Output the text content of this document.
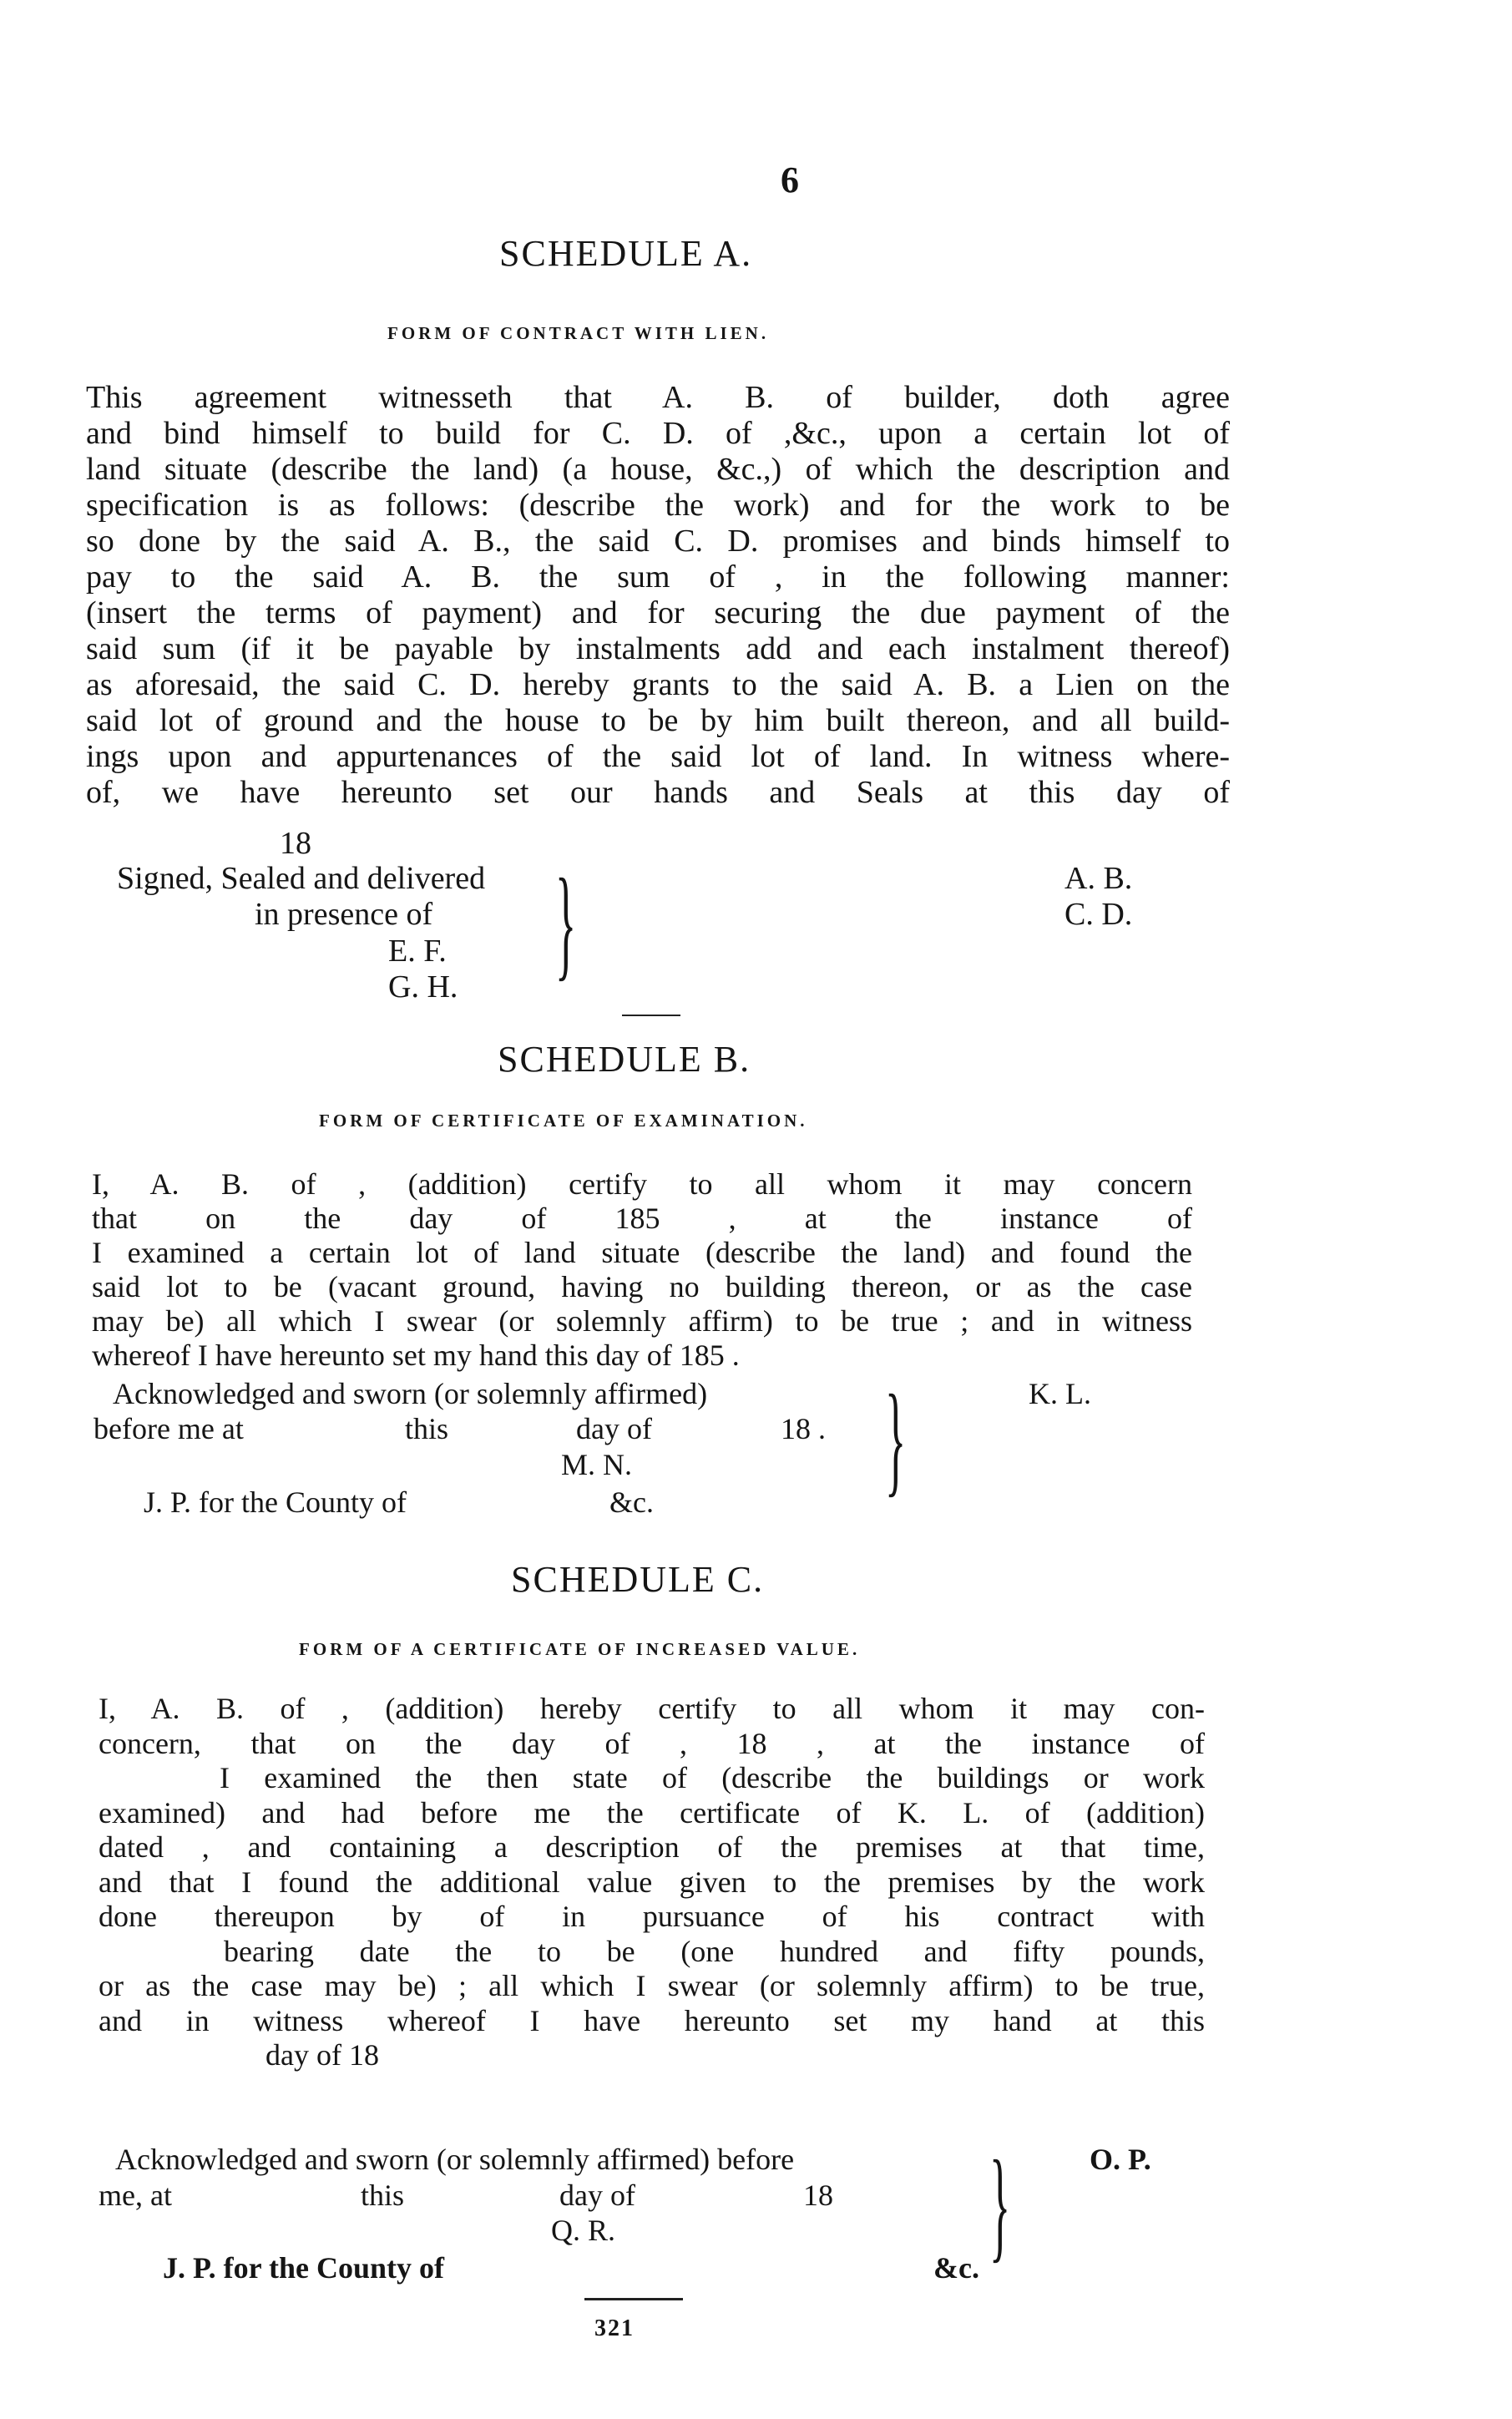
6
SCHEDULE A.
FORM OF CONTRACT WITH LIEN.
This agreement witnesseth that A. B. of builder, doth agree
and bind himself to build for C. D. of ,&c., upon a certain lot of
land situate (describe the land) (a house, &c.,) of which the description and
specification is as follows: (describe the work) and for the work to be
so done by the said A. B., the said C. D. promises and binds himself to
pay to the said A. B. the sum of , in the following manner:
(insert the terms of payment) and for securing the due payment of the
said sum (if it be payable by instalments add and each instalment thereof)
as aforesaid, the said C. D. hereby grants to the said A. B. a Lien on the
said lot of ground and the house to be by him built thereon, and all build-
ings upon and appurtenances of the said lot of land. In witness where-
of, we have hereunto set our hands and Seals at this day of
18
Signed, Sealed and delivered
in presence of
E. F.
G. H. }	A. B.
C. D.
SCHEDULE B.
FORM OF CERTIFICATE OF EXAMINATION.
I, A. B. of , (addition) certify to all whom it may concern
that on the day of 185 , at the instance of
I examined a certain lot of land situate (describe the land) and found the
said lot to be (vacant ground, having no building thereon, or as the case
may be) all which I swear (or solemnly affirm) to be true ; and in witness
whereof I have hereunto set my hand this day of 185 .
Acknowledged and sworn (or solemnly affirmed)
before me at	this	day of	18 .
M. N.
J. P. for the County of	&c. }	K. L.
SCHEDULE C.
FORM OF A CERTIFICATE OF INCREASED VALUE.
I, A. B. of , (addition) hereby certify to all whom it may con-
concern, that on the day of , 18 , at the instance of
I examined the then state of (describe the buildings or work
examined) and had before me the certificate of K. L. of (addition)
dated , and containing a description of the premises at that time,
and that I found the additional value given to the premises by the work
done thereupon by of in pursuance of his contract with
bearing date the to be (one hundred and fifty pounds,
or as the case may be) ; all which I swear (or solemnly affirm) to be true,
and in witness whereof I have hereunto set my hand at this
day of 18
Acknowledged and sworn (or solemnly affirmed) before
me, at	this	day of	18
Q. R.
J. P. for the County of	&c. }	O. P.
321
